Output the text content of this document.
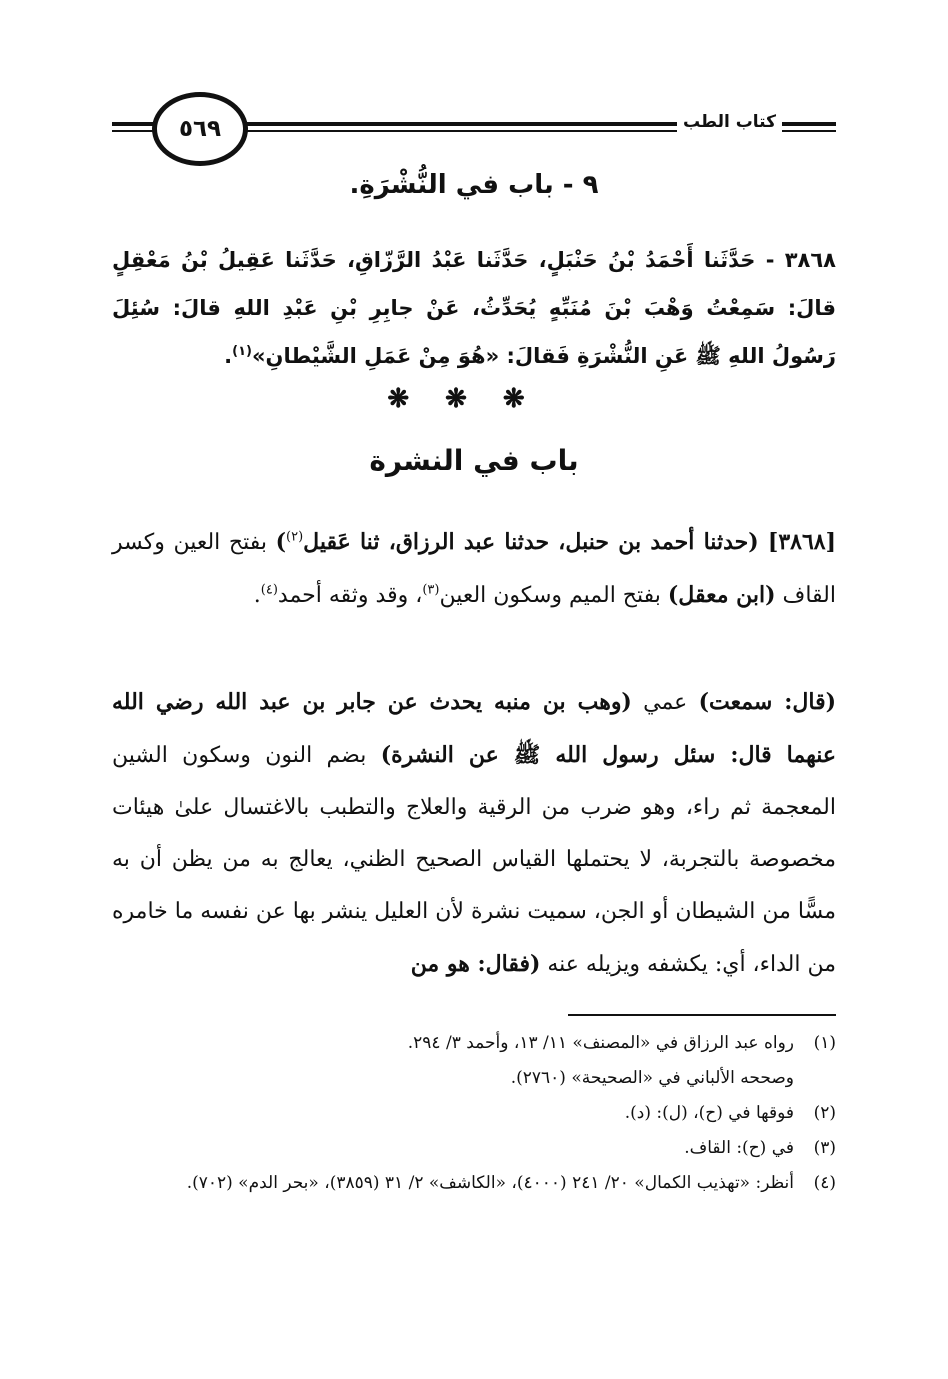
٥٦٩	كتاب الطب
٩ - باب في النُّشْرَةِ.
٣٨٦٨ - حَدَّثَنا أَحْمَدُ بْنُ حَنْبَلٍ، حَدَّثَنا عَبْدُ الرَّزّاقِ، حَدَّثَنا عَقِيلُ بْنُ مَعْقِلٍ قالَ: سَمِعْتُ وَهْبَ بْنَ مُنَبِّهٍ يُحَدِّثُ، عَنْ جابِرِ بْنِ عَبْدِ اللهِ قالَ: سُئِلَ رَسُولُ اللهِ ﷺ عَنِ النُّشْرَةِ فَقالَ: «هُوَ مِنْ عَمَلِ الشَّيْطانِ»$^{(١)}$.
❋❋❋
باب في النشرة
[٣٨٦٨] (حدثنا أحمد بن حنبل، حدثنا عبد الرزاق، ثنا عَقيل$^{(٢)}$) بفتح العين وكسر القاف (ابن معقل) بفتح الميم وسكون العين$^{(٣)}$، وقد وثقه أحمد$^{(٤)}$.
(قال: سمعت) عمي (وهب بن منبه يحدث عن جابر بن عبد الله رضي الله عنهما قال: سئل رسول الله ﷺ عن النشرة) بضم النون وسكون الشين المعجمة ثم راء، وهو ضرب من الرقية والعلاج والتطبب بالاغتسال علىٰ هيئات مخصوصة بالتجربة، لا يحتملها القياس الصحيح الظني، يعالج به من يظن أن به مسًّا من الشيطان أو الجن، سميت نشرة لأن العليل ينشر بها عن نفسه ما خامره من الداء، أي: يكشفه ويزيله عنه (فقال: هو من
(١)
رواه عبد الرزاق في «المصنف» ١١/ ١٣، وأحمد ٣/ ٢٩٤.
وصححه الألباني في «الصحيحة» (٢٧٦٠).
(٢)
فوقها في (ح)، (ل): (د).
(٣)
في (ح): القاف.
(٤)
أنظر: «تهذيب الكمال» ٢٠/ ٢٤١ (٤٠٠٠)، «الكاشف» ٢/ ٣١ (٣٨٥٩)، «بحر الدم» (٧٠٢).
